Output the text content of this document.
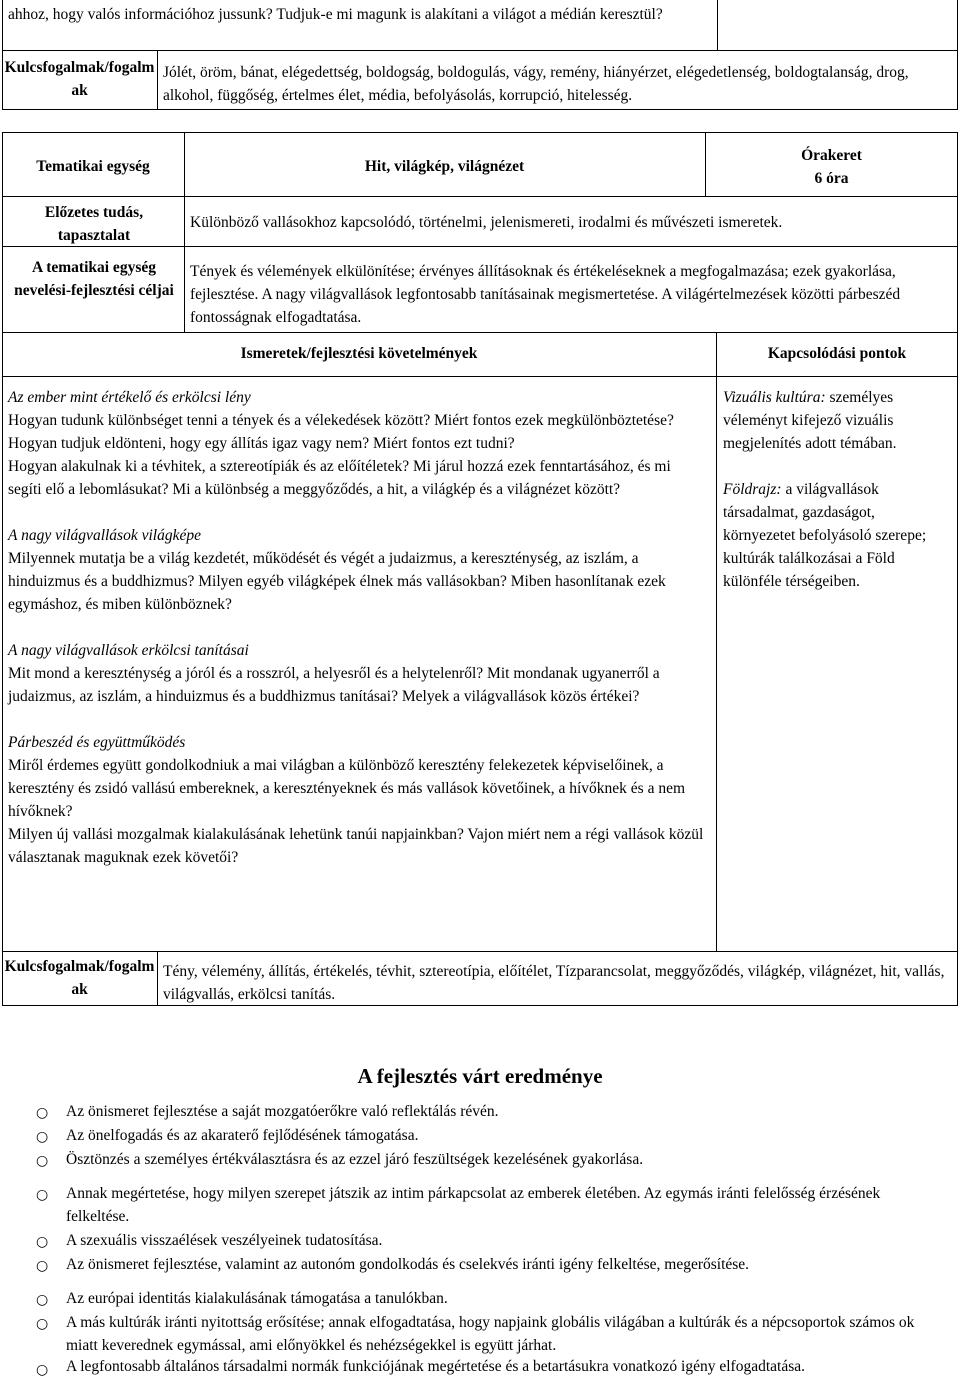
ahhoz, hogy valós információhoz jussunk? Tudjuk-e mi magunk is alakítani a világot a médián keresztül?
Kulcsfogalmak/fogalmak
Jólét, öröm, bánat, elégedettség, boldogság, boldogulás, vágy, remény, hiányérzet, elégedetlenség, boldogtalanság, drog, alkohol, függőség, értelmes élet, média, befolyásolás, korrupció, hitelesség.
Tematikai egység	Hit, világkép, világnézet
Órakeret
6 óra
Előzetes tudás, tapasztalat
Különböző vallásokhoz kapcsolódó, történelmi, jelenismereti, irodalmi és művészeti ismeretek.
A tematikai egység nevelési-fejlesztési céljai
Tények és vélemények elkülönítése; érvényes állításoknak és értékeléseknek a megfogalmazása; ezek gyakorlása, fejlesztése. A nagy világvallások legfontosabb tanításainak megismertetése. A világértelmezések közötti párbeszéd fontosságnak elfogadtatása.
Ismeretek/fejlesztési követelmények	Kapcsolódási pontok

Az ember mint értékelő és erkölcsi lény

Hogyan tudunk különbséget tenni a tények és a vélekedések között? Miért fontos ezek megkülönböztetése? Hogyan tudjuk eldönteni, hogy egy állítás igaz vagy nem? Miért fontos ezt tudni?

Hogyan alakulnak ki a tévhitek, a sztereotípiák és az előítéletek? Mi járul hozzá ezek fenntartásához, és mi segíti elő a lebomlásukat? Mi a különbség a meggyőződés, a hit, a világkép és a világnézet között?

A nagy világvallások világképe

Milyennek mutatja be a világ kezdetét, működését és végét a judaizmus, a kereszténység, az iszlám, a hinduizmus és a buddhizmus? Milyen egyéb világképek élnek más vallásokban? Miben hasonlítanak ezek egymáshoz, és miben különböznek?

A nagy világvallások erkölcsi tanításai

Mit mond a kereszténység a jóról és a rosszról, a helyesről és a helytelenről? Mit mondanak ugyanerről a judaizmus, az iszlám, a hinduizmus és a buddhizmus tanításai? Melyek a világvallások közös értékei?

Párbeszéd és együttműködés

Miről érdemes együtt gondolkodniuk a mai világban a különböző keresztény felekezetek képviselőinek, a keresztény és zsidó vallású embereknek, a keresztényeknek és más vallások követőinek, a hívőknek és a nem hívőknek?

Milyen új vallási mozgalmak kialakulásának lehetünk tanúi napjainkban? Vajon miért nem a régi vallások közül választanak maguknak ezek követői?

Vizuális kultúra: személyes véleményt kifejező vizuális megjelenítés adott témában.

Földrajz: a világvallások társadalmat, gazdaságot, környezetet befolyásoló szerepe; kultúrák találkozásai a Föld különféle térségeiben.

Kulcsfogalmak/fogalmak
Tény, vélemény, állítás, értékelés, tévhit, sztereotípia, előítélet, Tízparancsolat, meggyőződés, világkép, világnézet, hit, vallás, világvallás, erkölcsi tanítás.
A fejlesztés várt eredménye
○ Az önismeret fejlesztése a saját mozgatóerőkre való reflektálás révén.
○ Az önelfogadás és az akaraterő fejlődésének támogatása.
○ Ösztönzés a személyes értékválasztásra és az ezzel járó feszültségek kezelésének gyakorlása.
○ Annak megértetése, hogy milyen szerepet játszik az intim párkapcsolat az emberek életében. Az egymás iránti felelősség érzésének felkeltése.
○ A szexuális visszaélések veszélyeinek tudatosítása.
○ Az önismeret fejlesztése, valamint az autonóm gondolkodás és cselekvés iránti igény felkeltése, megerősítése.
○ Az európai identitás kialakulásának támogatása a tanulókban.
○ A más kultúrák iránti nyitottság erősítése; annak elfogadtatása, hogy napjaink globális világában a kultúrák és a népcsoportok számos ok miatt keverednek egymással, ami előnyökkel és nehézségekkel is együtt járhat.
○ A legfontosabb általános társadalmi normák funkciójának megértetése és a betartásukra vonatkozó igény elfogadtatása.
